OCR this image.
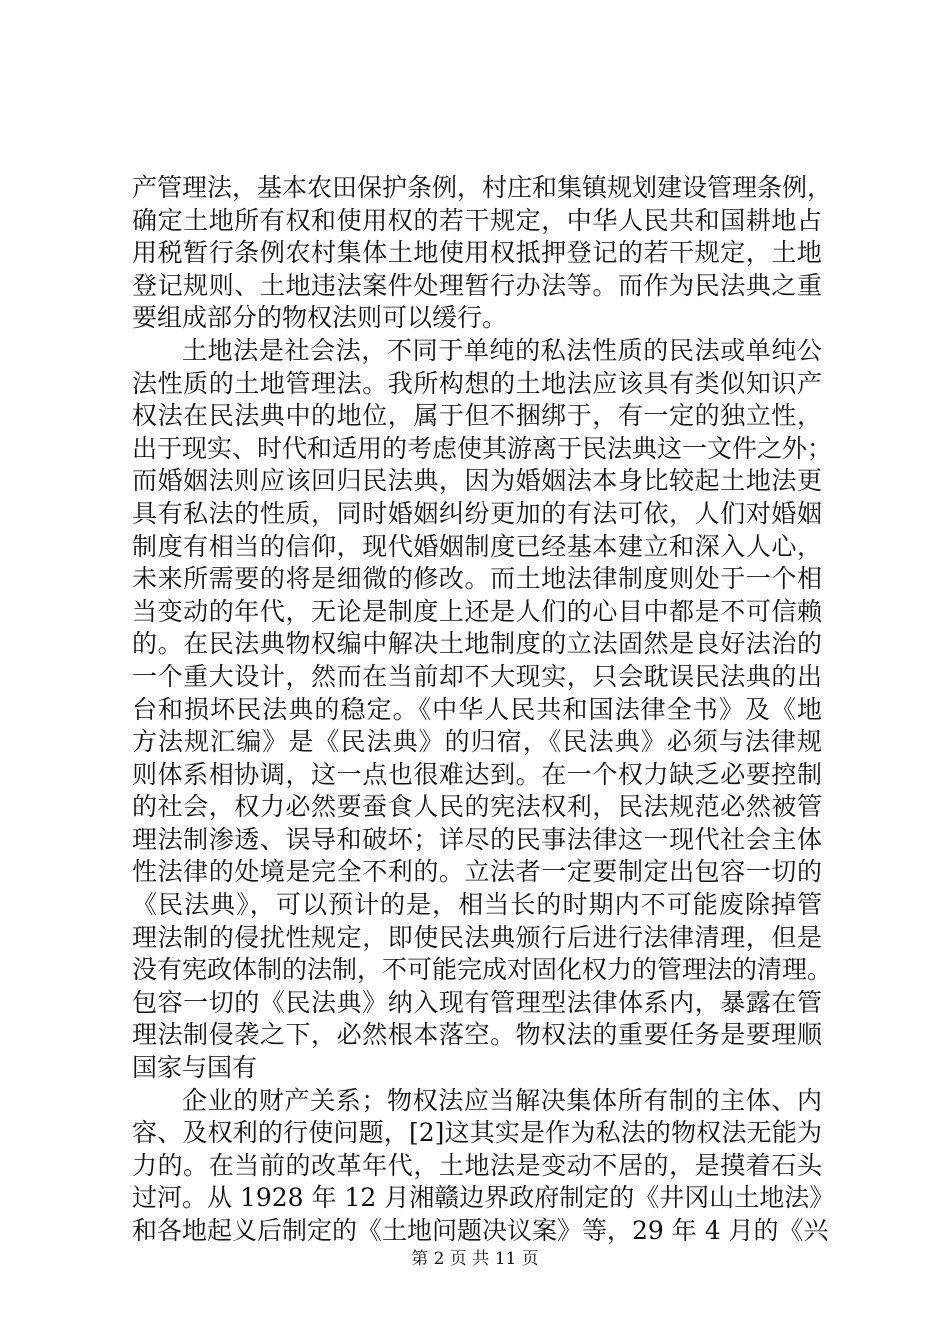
产管理法，基本农田保护条例，村庄和集镇规划建设管理条例，
确定土地所有权和使用权的若干规定，中华人民共和国耕地占
用税暂行条例农村集体土地使用权抵押登记的若干规定，土地
登记规则、土地违法案件处理暂行办法等。而作为民法典之重
要组成部分的物权法则可以缓行。
土地法是社会法，不同于单纯的私法性质的民法或单纯公
法性质的土地管理法。我所构想的土地法应该具有类似知识产
权法在民法典中的地位，属于但不捆绑于，有一定的独立性，
出于现实、时代和适用的考虑使其游离于民法典这一文件之外；
而婚姻法则应该回归民法典，因为婚姻法本身比较起土地法更
具有私法的性质，同时婚姻纠纷更加的有法可依，人们对婚姻
制度有相当的信仰，现代婚姻制度已经基本建立和深入人心，
未来所需要的将是细微的修改。而土地法律制度则处于一个相
当变动的年代，无论是制度上还是人们的心目中都是不可信赖
的。在民法典物权编中解决土地制度的立法固然是良好法治的
一个重大设计，然而在当前却不大现实，只会耽误民法典的出
台和损坏民法典的稳定。《中华人民共和国法律全书》及《地
方法规汇编》是《民法典》的归宿，《民法典》必须与法律规
则体系相协调，这一点也很难达到。在一个权力缺乏必要控制
的社会，权力必然要蚕食人民的宪法权利，民法规范必然被管
理法制渗透、误导和破坏；详尽的民事法律这一现代社会主体
性法律的处境是完全不利的。立法者一定要制定出包容一切的
《民法典》，可以预计的是，相当长的时期内不可能废除掉管
理法制的侵扰性规定，即使民法典颁行后进行法律清理，但是
没有宪政体制的法制，不可能完成对固化权力的管理法的清理。
包容一切的《民法典》纳入现有管理型法律体系内，暴露在管
理法制侵袭之下，必然根本落空。物权法的重要任务是要理顺
国家与国有
企业的财产关系；物权法应当解决集体所有制的主体、内
容、及权利的行使问题，[2]这其实是作为私法的物权法无能为
力的。在当前的改革年代，土地法是变动不居的，是摸着石头
过河。从 1928 年 12 月湘赣边界政府制定的《井冈山土地法》
和各地起义后制定的《土地问题决议案》等，29 年 4 月的《兴
第 2 页 共 11 页
